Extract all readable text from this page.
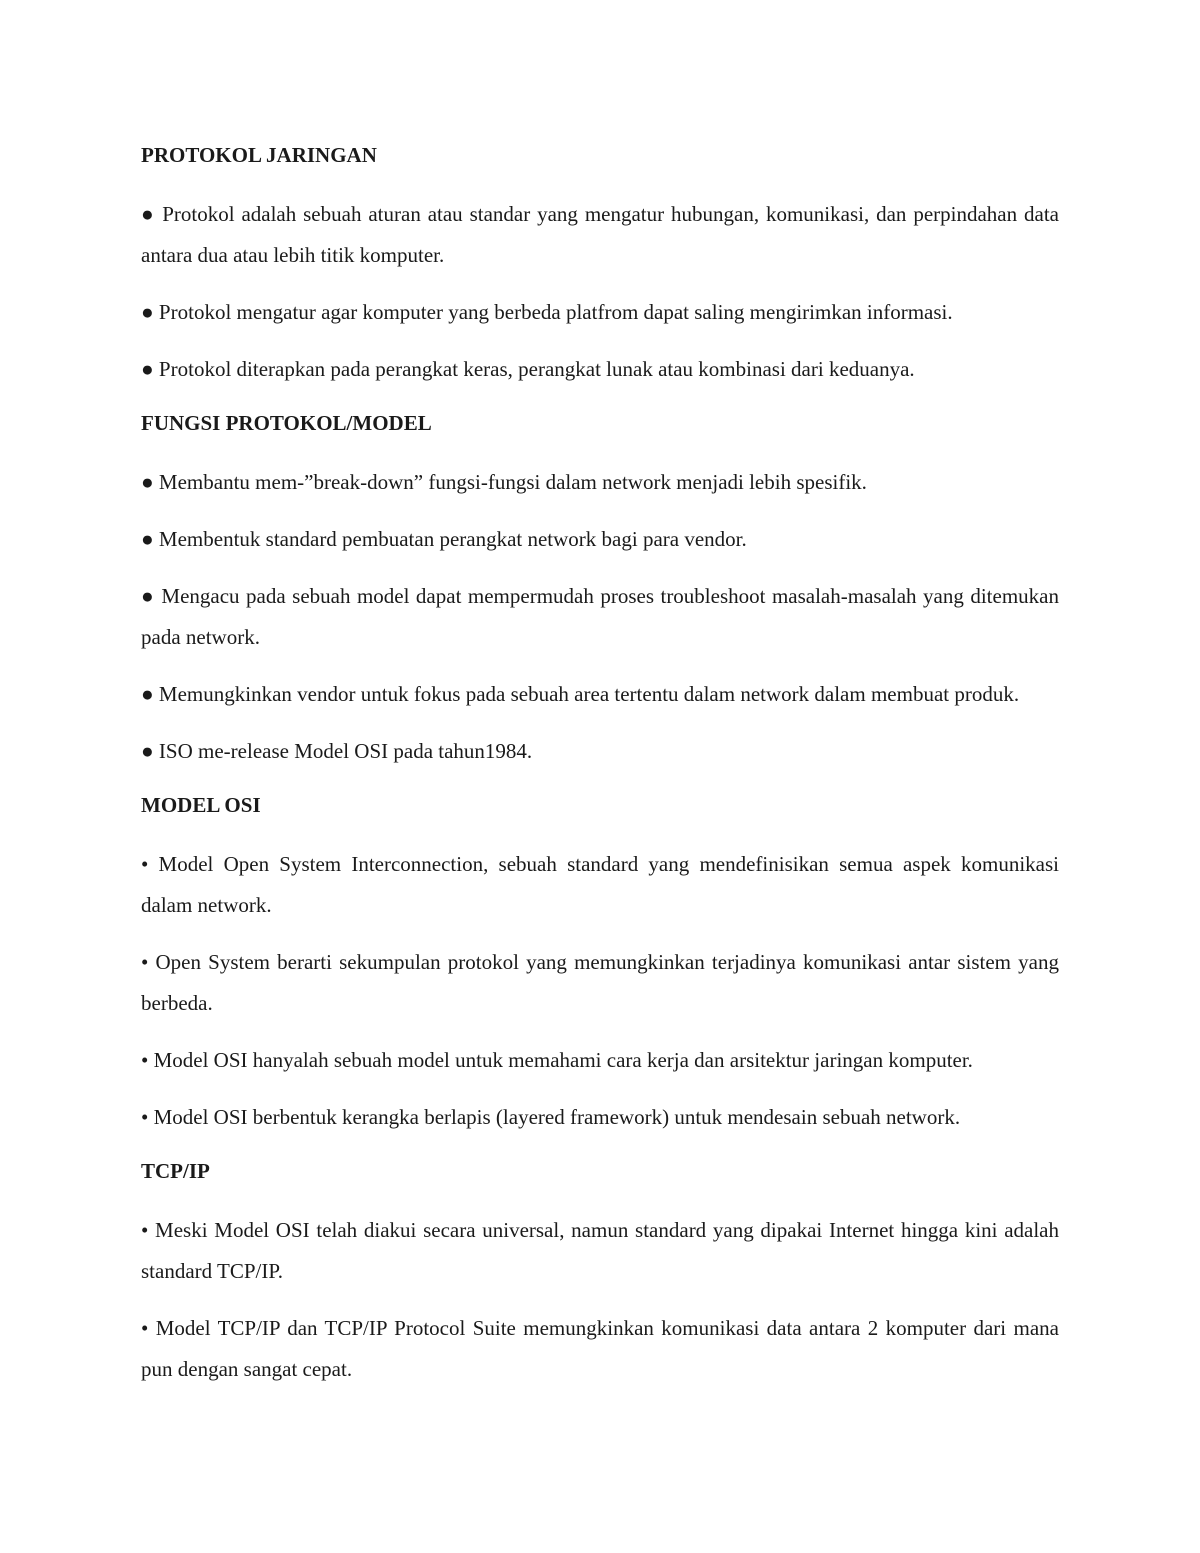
PROTOKOL JARINGAN
● Protokol adalah sebuah aturan atau standar yang mengatur hubungan, komunikasi, dan perpindahan data antara dua atau lebih titik komputer.
● Protokol mengatur agar komputer yang berbeda platfrom dapat saling mengirimkan informasi.
● Protokol diterapkan pada perangkat keras, perangkat lunak atau kombinasi dari keduanya.
FUNGSI PROTOKOL/MODEL
● Membantu mem-”break-down” fungsi-fungsi dalam network menjadi lebih spesifik.
● Membentuk standard pembuatan perangkat network bagi para vendor.
● Mengacu pada sebuah model dapat mempermudah proses troubleshoot masalah-masalah yang ditemukan pada network.
● Memungkinkan vendor untuk fokus pada sebuah area tertentu dalam network dalam membuat produk.
● ISO me-release Model OSI pada tahun1984.
MODEL OSI
• Model Open System Interconnection, sebuah standard yang mendefinisikan semua aspek komunikasi dalam network.
• Open System berarti sekumpulan protokol yang memungkinkan terjadinya komunikasi antar sistem yang berbeda.
• Model OSI hanyalah sebuah model untuk memahami cara kerja dan arsitektur jaringan komputer.
• Model OSI berbentuk kerangka berlapis (layered framework) untuk mendesain sebuah network.
TCP/IP
• Meski Model OSI telah diakui secara universal, namun standard yang dipakai Internet hingga kini adalah standard TCP/IP.
• Model TCP/IP dan TCP/IP Protocol Suite memungkinkan komunikasi data antara 2 komputer dari mana pun dengan sangat cepat.
